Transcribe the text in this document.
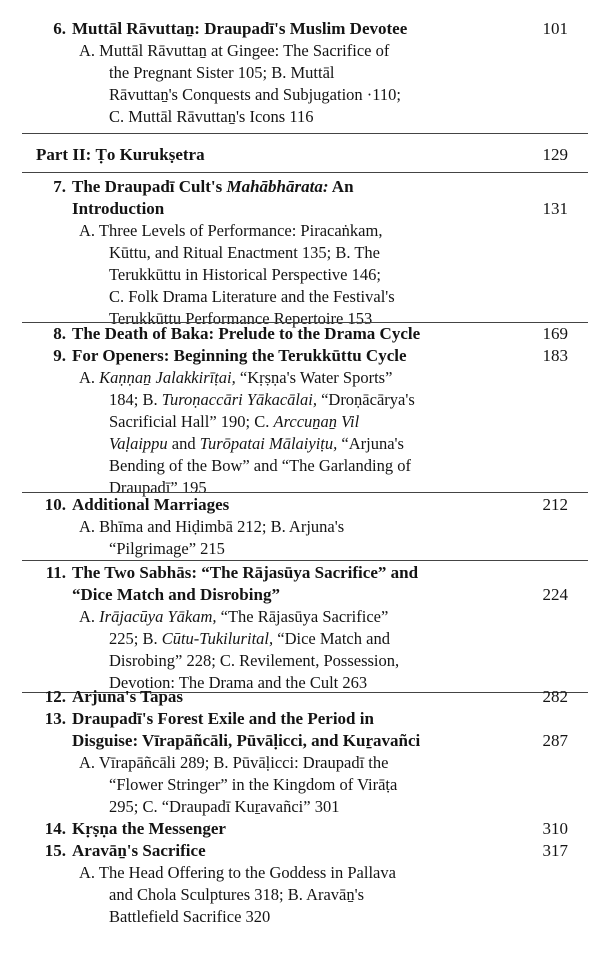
6. Muttāl Rāvuttaṉ: Draupadī's Muslim Devotee	101
A. Muttāl Rāvuttaṉ at Gingee: The Sacrifice of
the Pregnant Sister 105; B. Muttāl
Rāvuttaṉ's Conquests and Subjugation ·110;
C. Muttāl Rāvuttaṉ's Icons 116
Part II: Ṭo Kurukṣetra	129
7. The Draupadī Cult's Mahābhārata: An
Introduction	131
A. Three Levels of Performance: Piracaṅkam,
Kūttu, and Ritual Enactment 135; B. The
Terukkūttu in Historical Perspective 146;
C. Folk Drama Literature and the Festival's
Terukkūttu Performance Repertoire 153
8. The Death of Baka: Prelude to the Drama Cycle	169
9. For Openers: Beginning the Terukkūttu Cycle	183
A. Kaṇṇaṉ Jalakkirīṭai, “Kṛṣṇa's Water Sports”
184; B. Turoṇaccāri Yākacālai, “Droṇācārya's
Sacrificial Hall” 190; C. Arccuṉaṉ Vil
Vaḷaippu and Turōpatai Mālaiyiṭu, “Arjuna's
Bending of the Bow” and “The Garlanding of
Draupadī” 195
10. Additional Marriages	212
A. Bhīma and Hiḍimbā 212; B. Arjuna's
“Pilgrimage” 215
11. The Two Sabhās: “The Rājasūya Sacrifice” and
“Dice Match and Disrobing”	224
A. Irājacūya Yākam, “The Rājasūya Sacrifice”
225; B. Cūtu-Tukilurital, “Dice Match and
Disrobing” 228; C. Revilement, Possession,
Devotion: The Drama and the Cult 263
12. Arjuna's Tapas	282
13. Draupadī's Forest Exile and the Period in
Disguise: Vīrapāñcāli, Pūvāḷicci, and Kuṟavañci	287
A. Vīrapāñcāli 289; B. Pūvāḷicci: Draupadī the
“Flower Stringer” in the Kingdom of Virāṭa
295; C. “Draupadī Kuṟavañci” 301
14. Kṛṣṇa the Messenger	310
15. Aravāṉ's Sacrifice	317
A. The Head Offering to the Goddess in Pallava
and Chola Sculptures 318; B. Aravāṉ's
Battlefield Sacrifice 320
